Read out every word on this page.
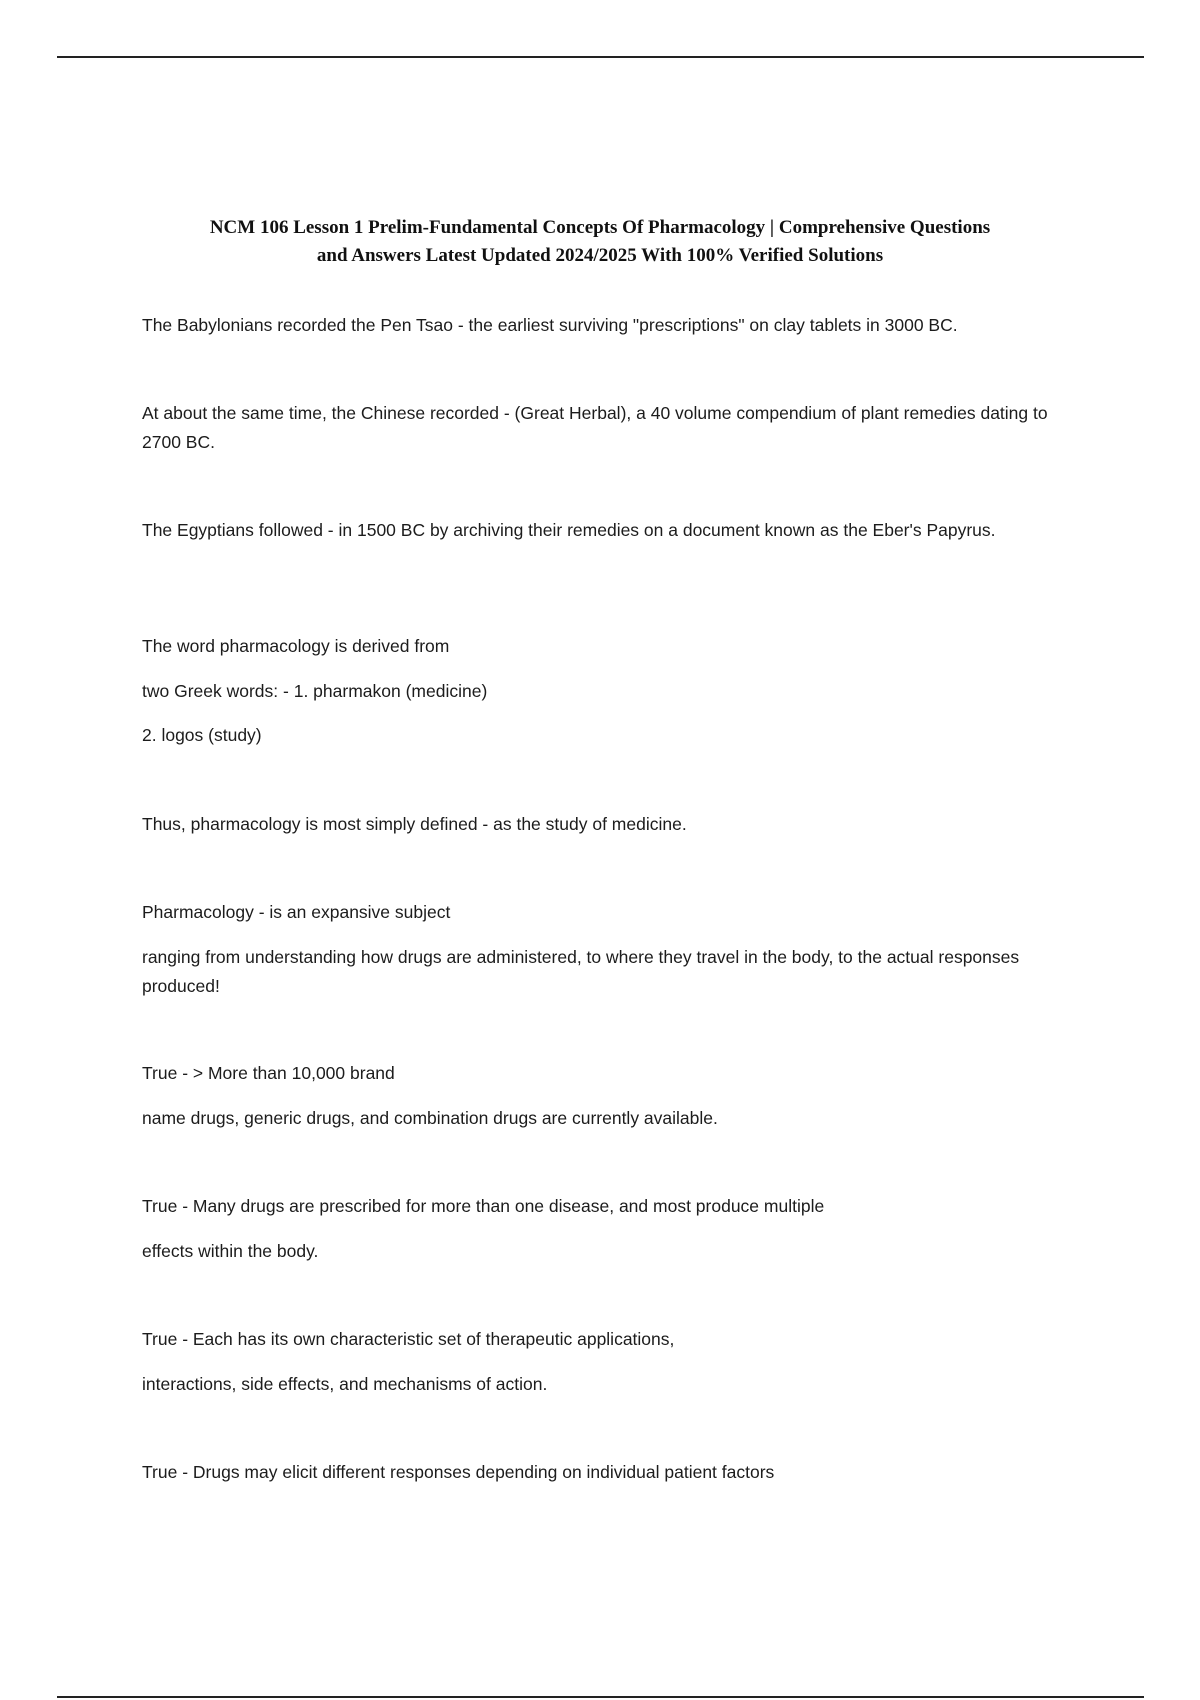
NCM 106 Lesson 1 Prelim-Fundamental Concepts Of Pharmacology | Comprehensive Questions
and Answers Latest Updated 2024/2025 With 100% Verified Solutions

The Babylonians recorded the Pen Tsao - the earliest surviving "prescriptions" on clay tablets in 3000 BC.

At about the same time, the Chinese recorded - (Great Herbal), a 40 volume compendium of plant remedies dating to 2700 BC.

The Egyptians followed - in 1500 BC by archiving their remedies on a document known as the Eber's Papyrus.

The word pharmacology is derived from

two Greek words: - 1. pharmakon (medicine)

2. logos (study)

Thus, pharmacology is most simply defined - as the study of medicine.

Pharmacology - is an expansive subject

ranging from understanding how drugs are administered, to where they travel in the body, to the actual responses produced!

True - > More than 10,000 brand

name drugs, generic drugs, and combination drugs are currently available.

True - Many drugs are prescribed for more than one disease, and most produce multiple

effects within the body.

True - Each has its own characteristic set of therapeutic applications,

interactions, side effects, and mechanisms of action.

True - Drugs may elicit different responses depending on individual patient factors
